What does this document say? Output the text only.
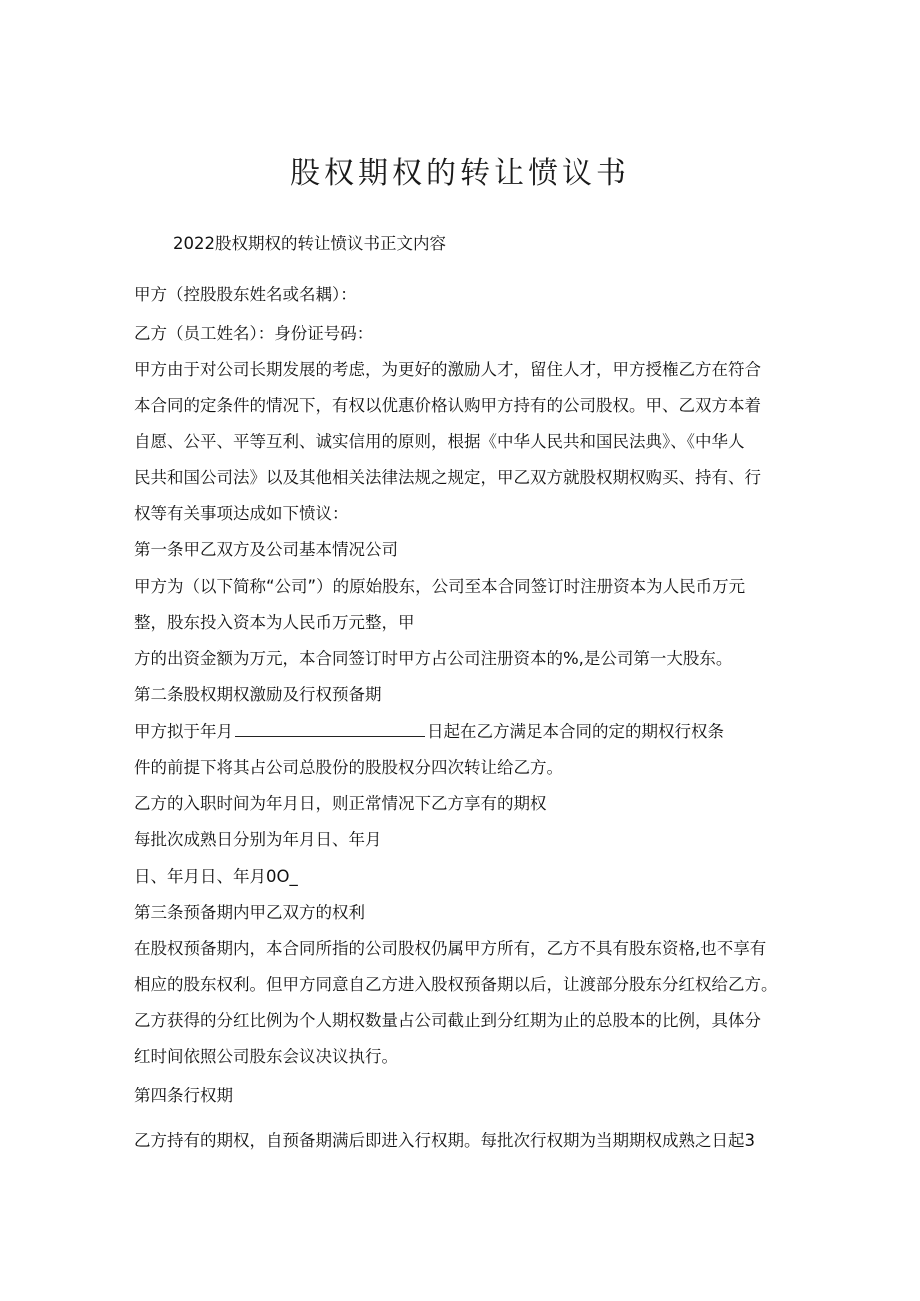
股权期权的转让愤议书
2022股权期权的转让愤议书正文内容
甲方（控股股东姓名或名耦）：
乙方（员工姓名）：身份证号码：
甲方由于对公司长期发展的考虑，为更好的激励人才，留住人才，甲方授権乙方在符合
本合同的定条件的情况下，有权以优惠价格认购甲方持有的公司股权。甲、乙双方本着
自愿、公平、平等互利、诚实信用的原则，根据《中华人民共和国民法典》、《中华人
民共和国公司法》以及其他相关法律法规之规定，甲乙双方就股权期权购买、持有、行
权等有关事项达成如下愤议：
第一条甲乙双方及公司基本情况公司
甲方为（以下简称“公司”）的原始股东，公司至本合同签订时注册资本为人民币万元
整，股东投入资本为人民币万元整，甲
方的出资金额为万元，本合同签订时甲方占公司注册资本的%,是公司第一大股东。
第二条股权期权激励及行权预备期
甲方拟于年月	日起在乙方满足本合同的定的期权行权条
件的前提下将其占公司总股份的股股权分四次转让给乙方。
乙方的入职时间为年月日，则正常情况下乙方享有的期权
每批次成熟日分别为年月日、年月
日、年月日、年月0O_
第三条预备期内甲乙双方的权利
在股权预备期内，本合同所指的公司股权仍属甲方所有，乙方不具有股东资格,也不享有
相应的股东权利。但甲方同意自乙方进入股权预备期以后，让渡部分股东分红权给乙方。
乙方获得的分红比例为个人期权数量占公司截止到分红期为止的总股本的比例，具体分
红时间依照公司股东会议决议执行。
第四条行权期
乙方持有的期权，自预备期满后即进入行权期。每批次行权期为当期期权成熟之日起3
